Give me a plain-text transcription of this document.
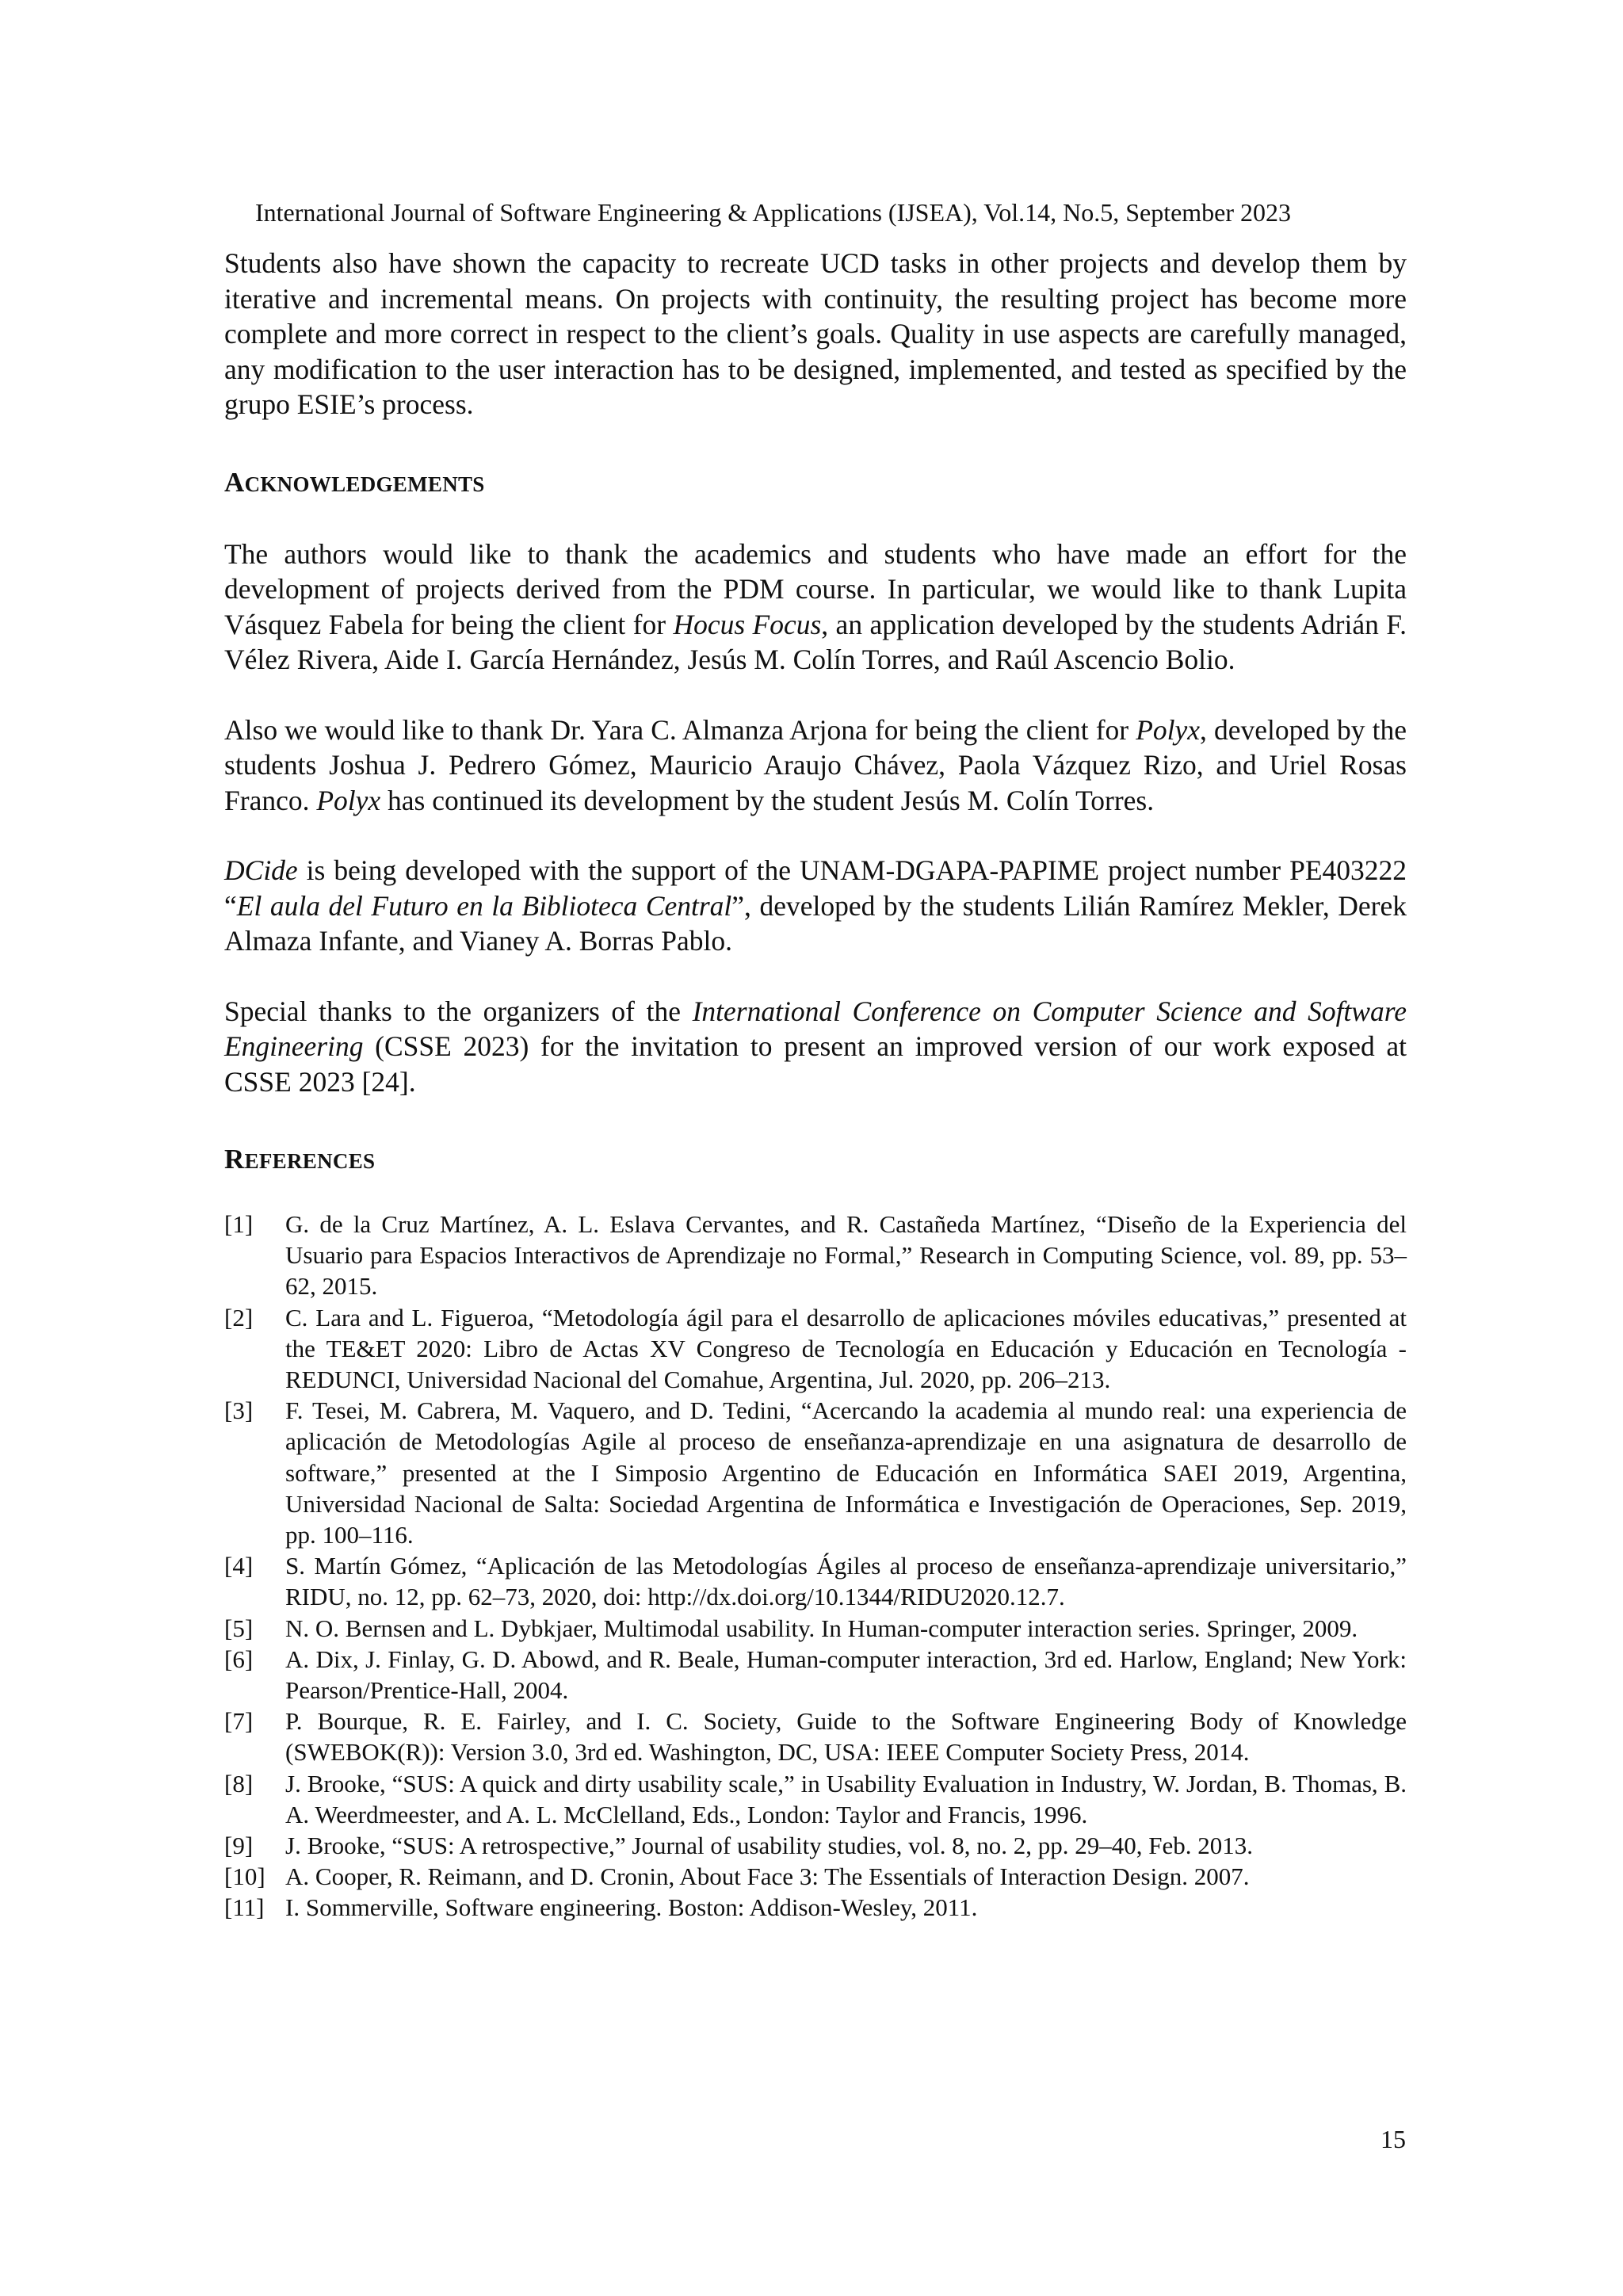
International Journal of Software Engineering & Applications (IJSEA), Vol.14, No.5, September 2023

Students also have shown the capacity to recreate UCD tasks in other projects and develop them by iterative and incremental means. On projects with continuity, the resulting project has become more complete and more correct in respect to the client’s goals. Quality in use aspects are carefully managed, any modification to the user interaction has to be designed, implemented, and tested as specified by the grupo ESIE’s process.

ACKNOWLEDGEMENTS

The authors would like to thank the academics and students who have made an effort for the development of projects derived from the PDM course. In particular, we would like to thank Lupita Vásquez Fabela for being the client for Hocus Focus, an application developed by the students Adrián F. Vélez Rivera, Aide I. García Hernández, Jesús M. Colín Torres, and Raúl Ascencio Bolio.

Also we would like to thank Dr. Yara C. Almanza Arjona for being the client for Polyx, developed by the students Joshua J. Pedrero Gómez, Mauricio Araujo Chávez, Paola Vázquez Rizo, and Uriel Rosas Franco. Polyx has continued its development by the student Jesús M. Colín Torres.

DCide is being developed with the support of the UNAM-DGAPA-PAPIME project number PE403222 “El aula del Futuro en la Biblioteca Central”, developed by the students Lilián Ramírez Mekler, Derek Almaza Infante, and Vianey A. Borras Pablo.

Special thanks to the organizers of the International Conference on Computer Science and Software Engineering (CSSE 2023) for the invitation to present an improved version of our work exposed at CSSE 2023 [24].

REFERENCES
[1]	G. de la Cruz Martínez, A. L. Eslava Cervantes, and R. Castañeda Martínez, “Diseño de la Experiencia del Usuario para Espacios Interactivos de Aprendizaje no Formal,” Research in Computing Science, vol. 89, pp. 53–62, 2015.

[2]	C. Lara and L. Figueroa, “Metodología ágil para el desarrollo de aplicaciones móviles educativas,” presented at the TE&ET 2020: Libro de Actas XV Congreso de Tecnología en Educación y Educación en Tecnología - REDUNCI, Universidad Nacional del Comahue, Argentina, Jul. 2020, pp. 206–213.

[3]	F. Tesei, M. Cabrera, M. Vaquero, and D. Tedini, “Acercando la academia al mundo real: una experiencia de aplicación de Metodologías Agile al proceso de enseñanza-aprendizaje en una asignatura de desarrollo de software,” presented at the I Simposio Argentino de Educación en Informática SAEI 2019, Argentina, Universidad Nacional de Salta: Sociedad Argentina de Informática e Investigación de Operaciones, Sep. 2019, pp. 100–116.

[4]	S. Martín Gómez, “Aplicación de las Metodologías Ágiles al proceso de enseñanza-aprendizaje universitario,” RIDU, no. 12, pp. 62–73, 2020, doi: http://dx.doi.org/10.1344/RIDU2020.12.7.

[5]	N. O. Bernsen and L. Dybkjaer, Multimodal usability. In Human-computer interaction series. Springer, 2009.

[6]	A. Dix, J. Finlay, G. D. Abowd, and R. Beale, Human-computer interaction, 3rd ed. Harlow, England; New York: Pearson/Prentice-Hall, 2004.

[7]	P. Bourque, R. E. Fairley, and I. C. Society, Guide to the Software Engineering Body of Knowledge (SWEBOK(R)): Version 3.0, 3rd ed. Washington, DC, USA: IEEE Computer Society Press, 2014.

[8]	J. Brooke, “SUS: A quick and dirty usability scale,” in Usability Evaluation in Industry, W. Jordan, B. Thomas, B. A. Weerdmeester, and A. L. McClelland, Eds., London: Taylor and Francis, 1996.

[9]	J. Brooke, “SUS: A retrospective,” Journal of usability studies, vol. 8, no. 2, pp. 29–40, Feb. 2013.

[10] A. Cooper, R. Reimann, and D. Cronin, About Face 3: The Essentials of Interaction Design. 2007.

[11] I. Sommerville, Software engineering. Boston: Addison-Wesley, 2011.

15
